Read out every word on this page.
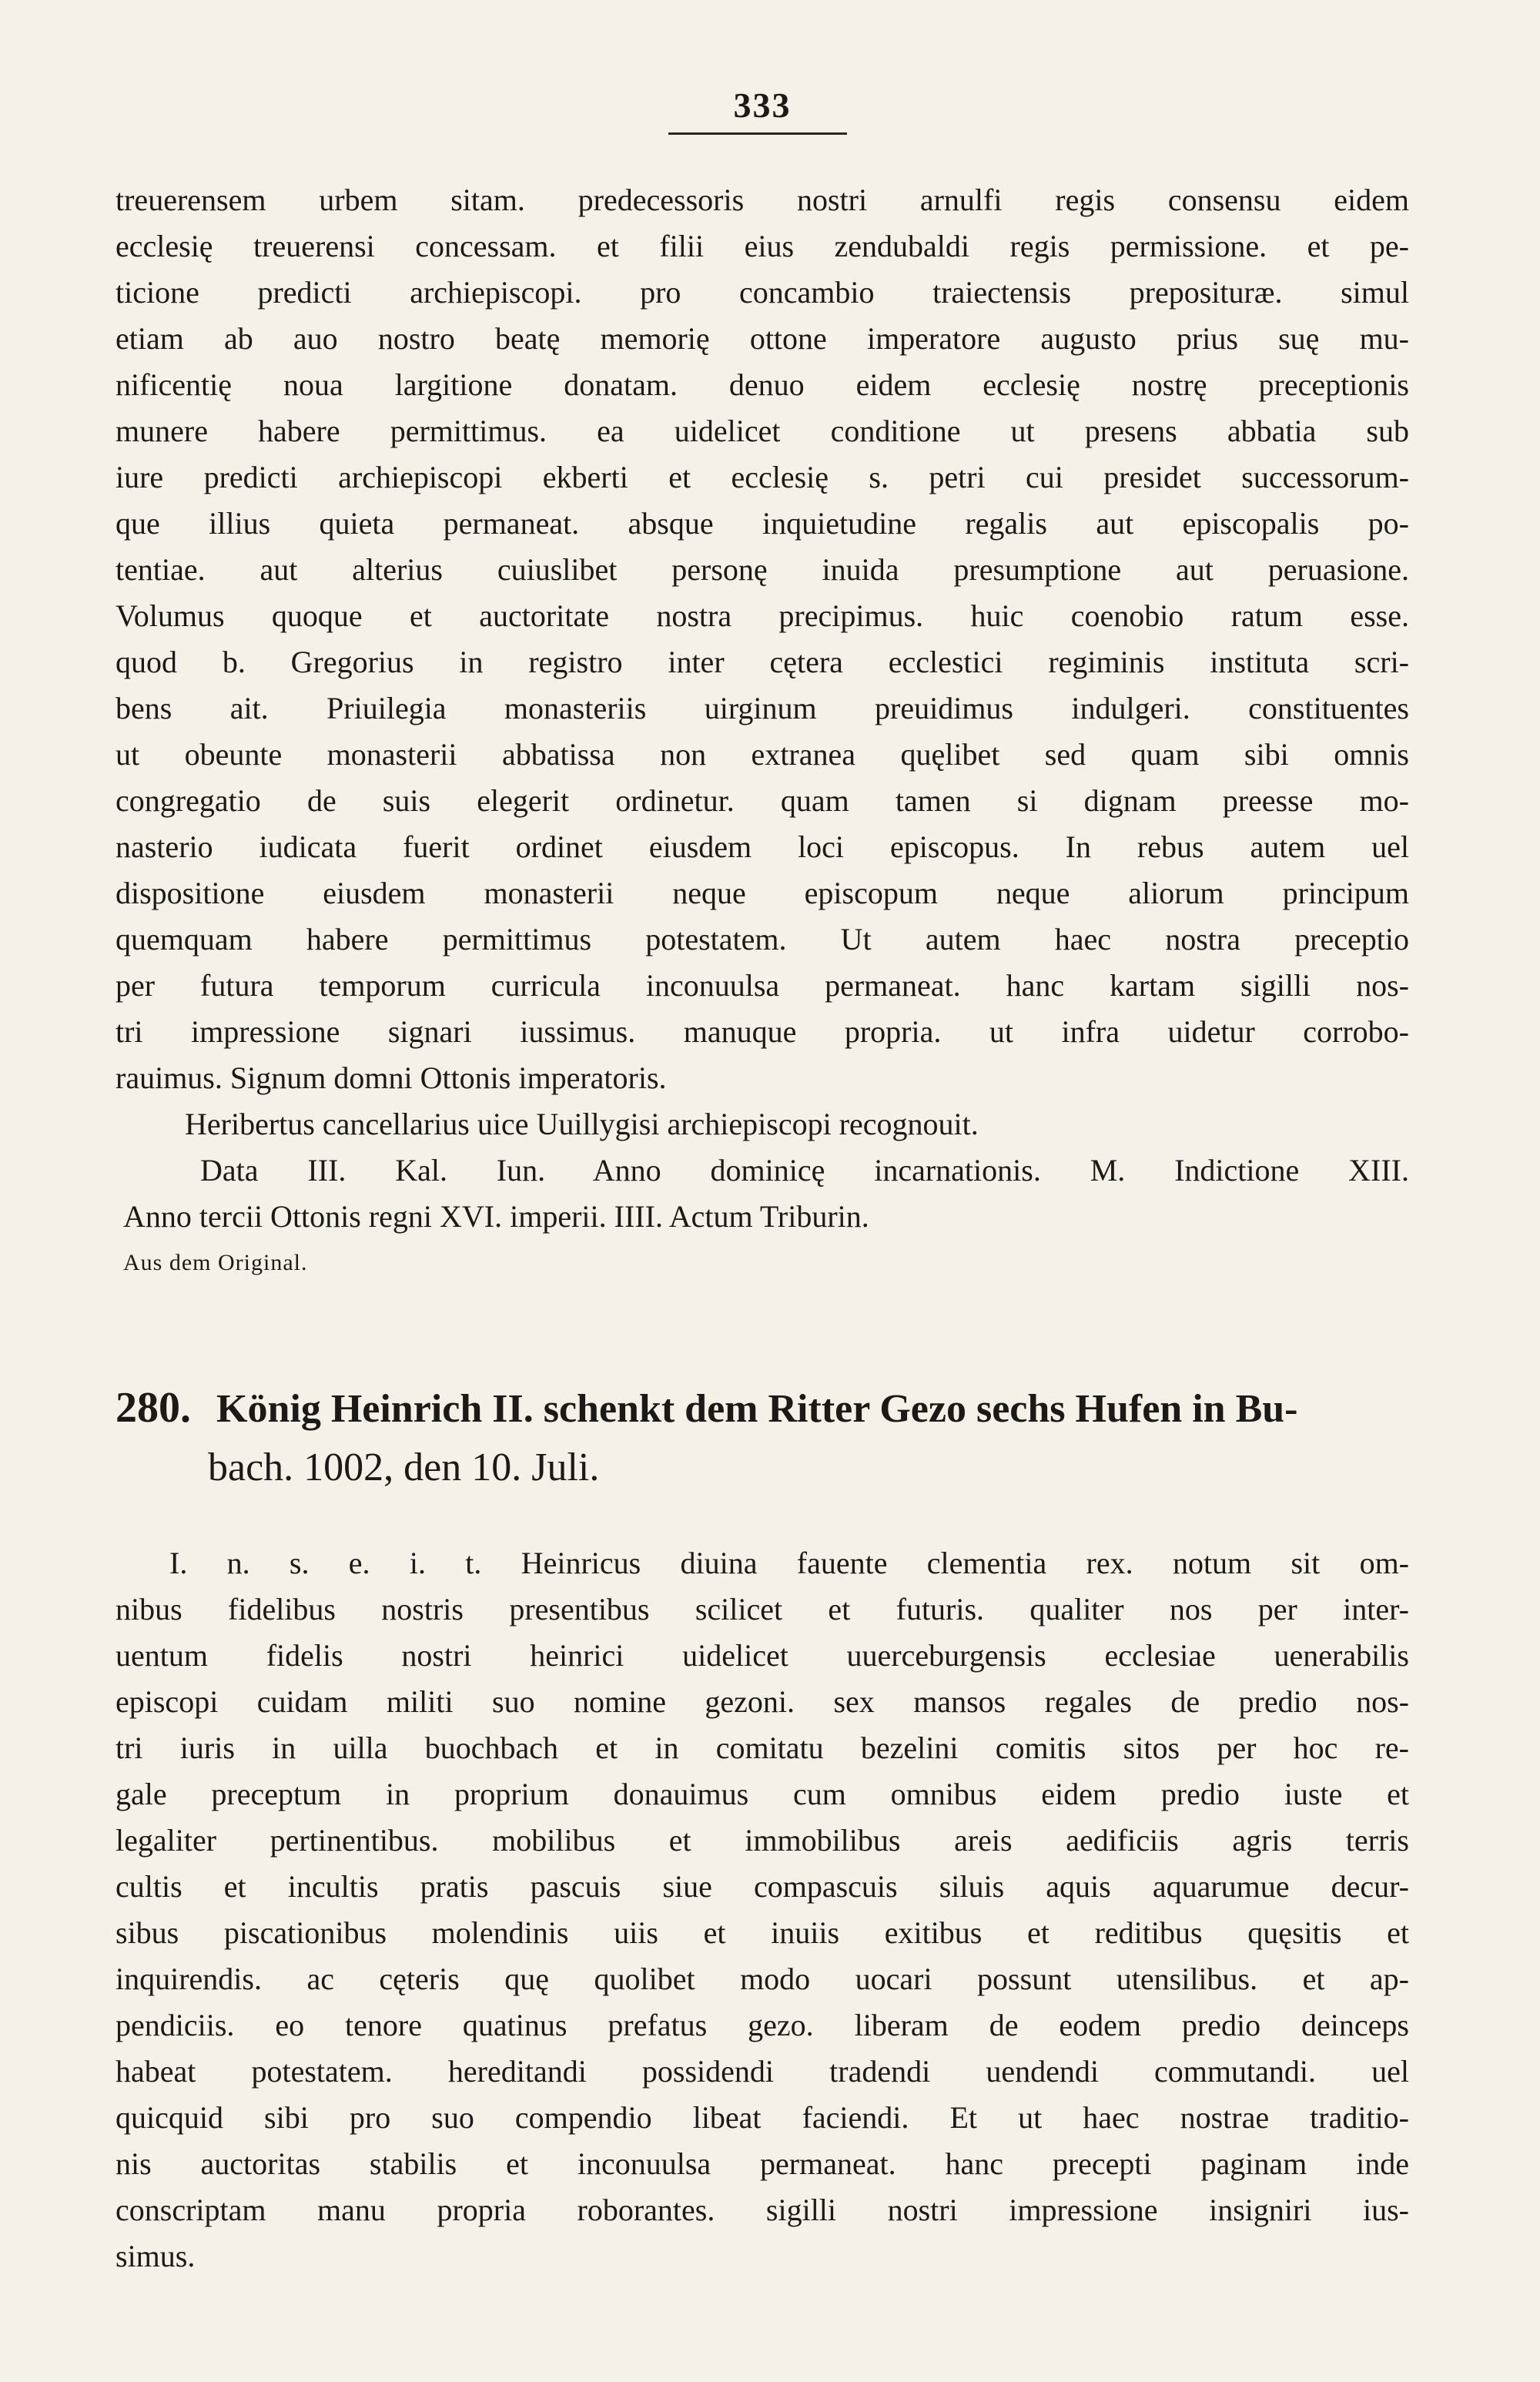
333
treuerensem urbem sitam. predecessoris nostri arnulfi regis consensu eidem
ecclesię treuerensi concessam. et filii eius zendubaldi regis permissione. et pe-
ticione predicti archiepiscopi. pro concambio traiectensis preposituræ. simul
etiam ab auo nostro beatę memorię ottone imperatore augusto prius suę mu-
nificentię noua largitione donatam. denuo eidem ecclesię nostrę preceptionis
munere habere permittimus. ea uidelicet conditione ut presens abbatia sub
iure predicti archiepiscopi ekberti et ecclesię s. petri cui presidet successorum-
que illius quieta permaneat. absque inquietudine regalis aut episcopalis po-
tentiae. aut alterius cuiuslibet personę inuida presumptione aut peruasione.
Volumus quoque et auctoritate nostra precipimus. huic coenobio ratum esse.
quod b. Gregorius in registro inter cętera ecclestici regiminis instituta scri-
bens ait. Priuilegia monasteriis uirginum preuidimus indulgeri. constituentes
ut obeunte monasterii abbatissa non extranea quęlibet sed quam sibi omnis
congregatio de suis elegerit ordinetur. quam tamen si dignam preesse mo-
nasterio iudicata fuerit ordinet eiusdem loci episcopus. In rebus autem uel
dispositione eiusdem monasterii neque episcopum neque aliorum principum
quemquam habere permittimus potestatem. Ut autem haec nostra preceptio
per futura temporum curricula inconuulsa permaneat. hanc kartam sigilli nos-
tri impressione signari iussimus. manuque propria. ut infra uidetur corrobo-
rauimus. Signum domni Ottonis imperatoris.
Heribertus cancellarius uice Uuillygisi archiepiscopi recognouit.
Data III. Kal. Iun. Anno dominicę incarnationis. M. Indictione XIII.
Anno tercii Ottonis regni XVI. imperii. IIII. Actum Triburin.
Aus dem Original.
280. König Heinrich II. schenkt dem Ritter Gezo sechs Hufen in Bu-
bach. 1002, den 10. Juli.
I. n. s. e. i. t. Heinricus diuina fauente clementia rex. notum sit om-
nibus fidelibus nostris presentibus scilicet et futuris. qualiter nos per inter-
uentum fidelis nostri heinrici uidelicet uuerceburgensis ecclesiae uenerabilis
episcopi cuidam militi suo nomine gezoni. sex mansos regales de predio nos-
tri iuris in uilla buochbach et in comitatu bezelini comitis sitos per hoc re-
gale preceptum in proprium donauimus cum omnibus eidem predio iuste et
legaliter pertinentibus. mobilibus et immobilibus areis aedificiis agris terris
cultis et incultis pratis pascuis siue compascuis siluis aquis aquarumue decur-
sibus piscationibus molendinis uiis et inuiis exitibus et reditibus quęsitis et
inquirendis. ac cęteris quę quolibet modo uocari possunt utensilibus. et ap-
pendiciis. eo tenore quatinus prefatus gezo. liberam de eodem predio deinceps
habeat potestatem. hereditandi possidendi tradendi uendendi commutandi. uel
quicquid sibi pro suo compendio libeat faciendi. Et ut haec nostrae traditio-
nis auctoritas stabilis et inconuulsa permaneat. hanc precepti paginam inde
conscriptam manu propria roborantes. sigilli nostri impressione insigniri ius-
simus.
